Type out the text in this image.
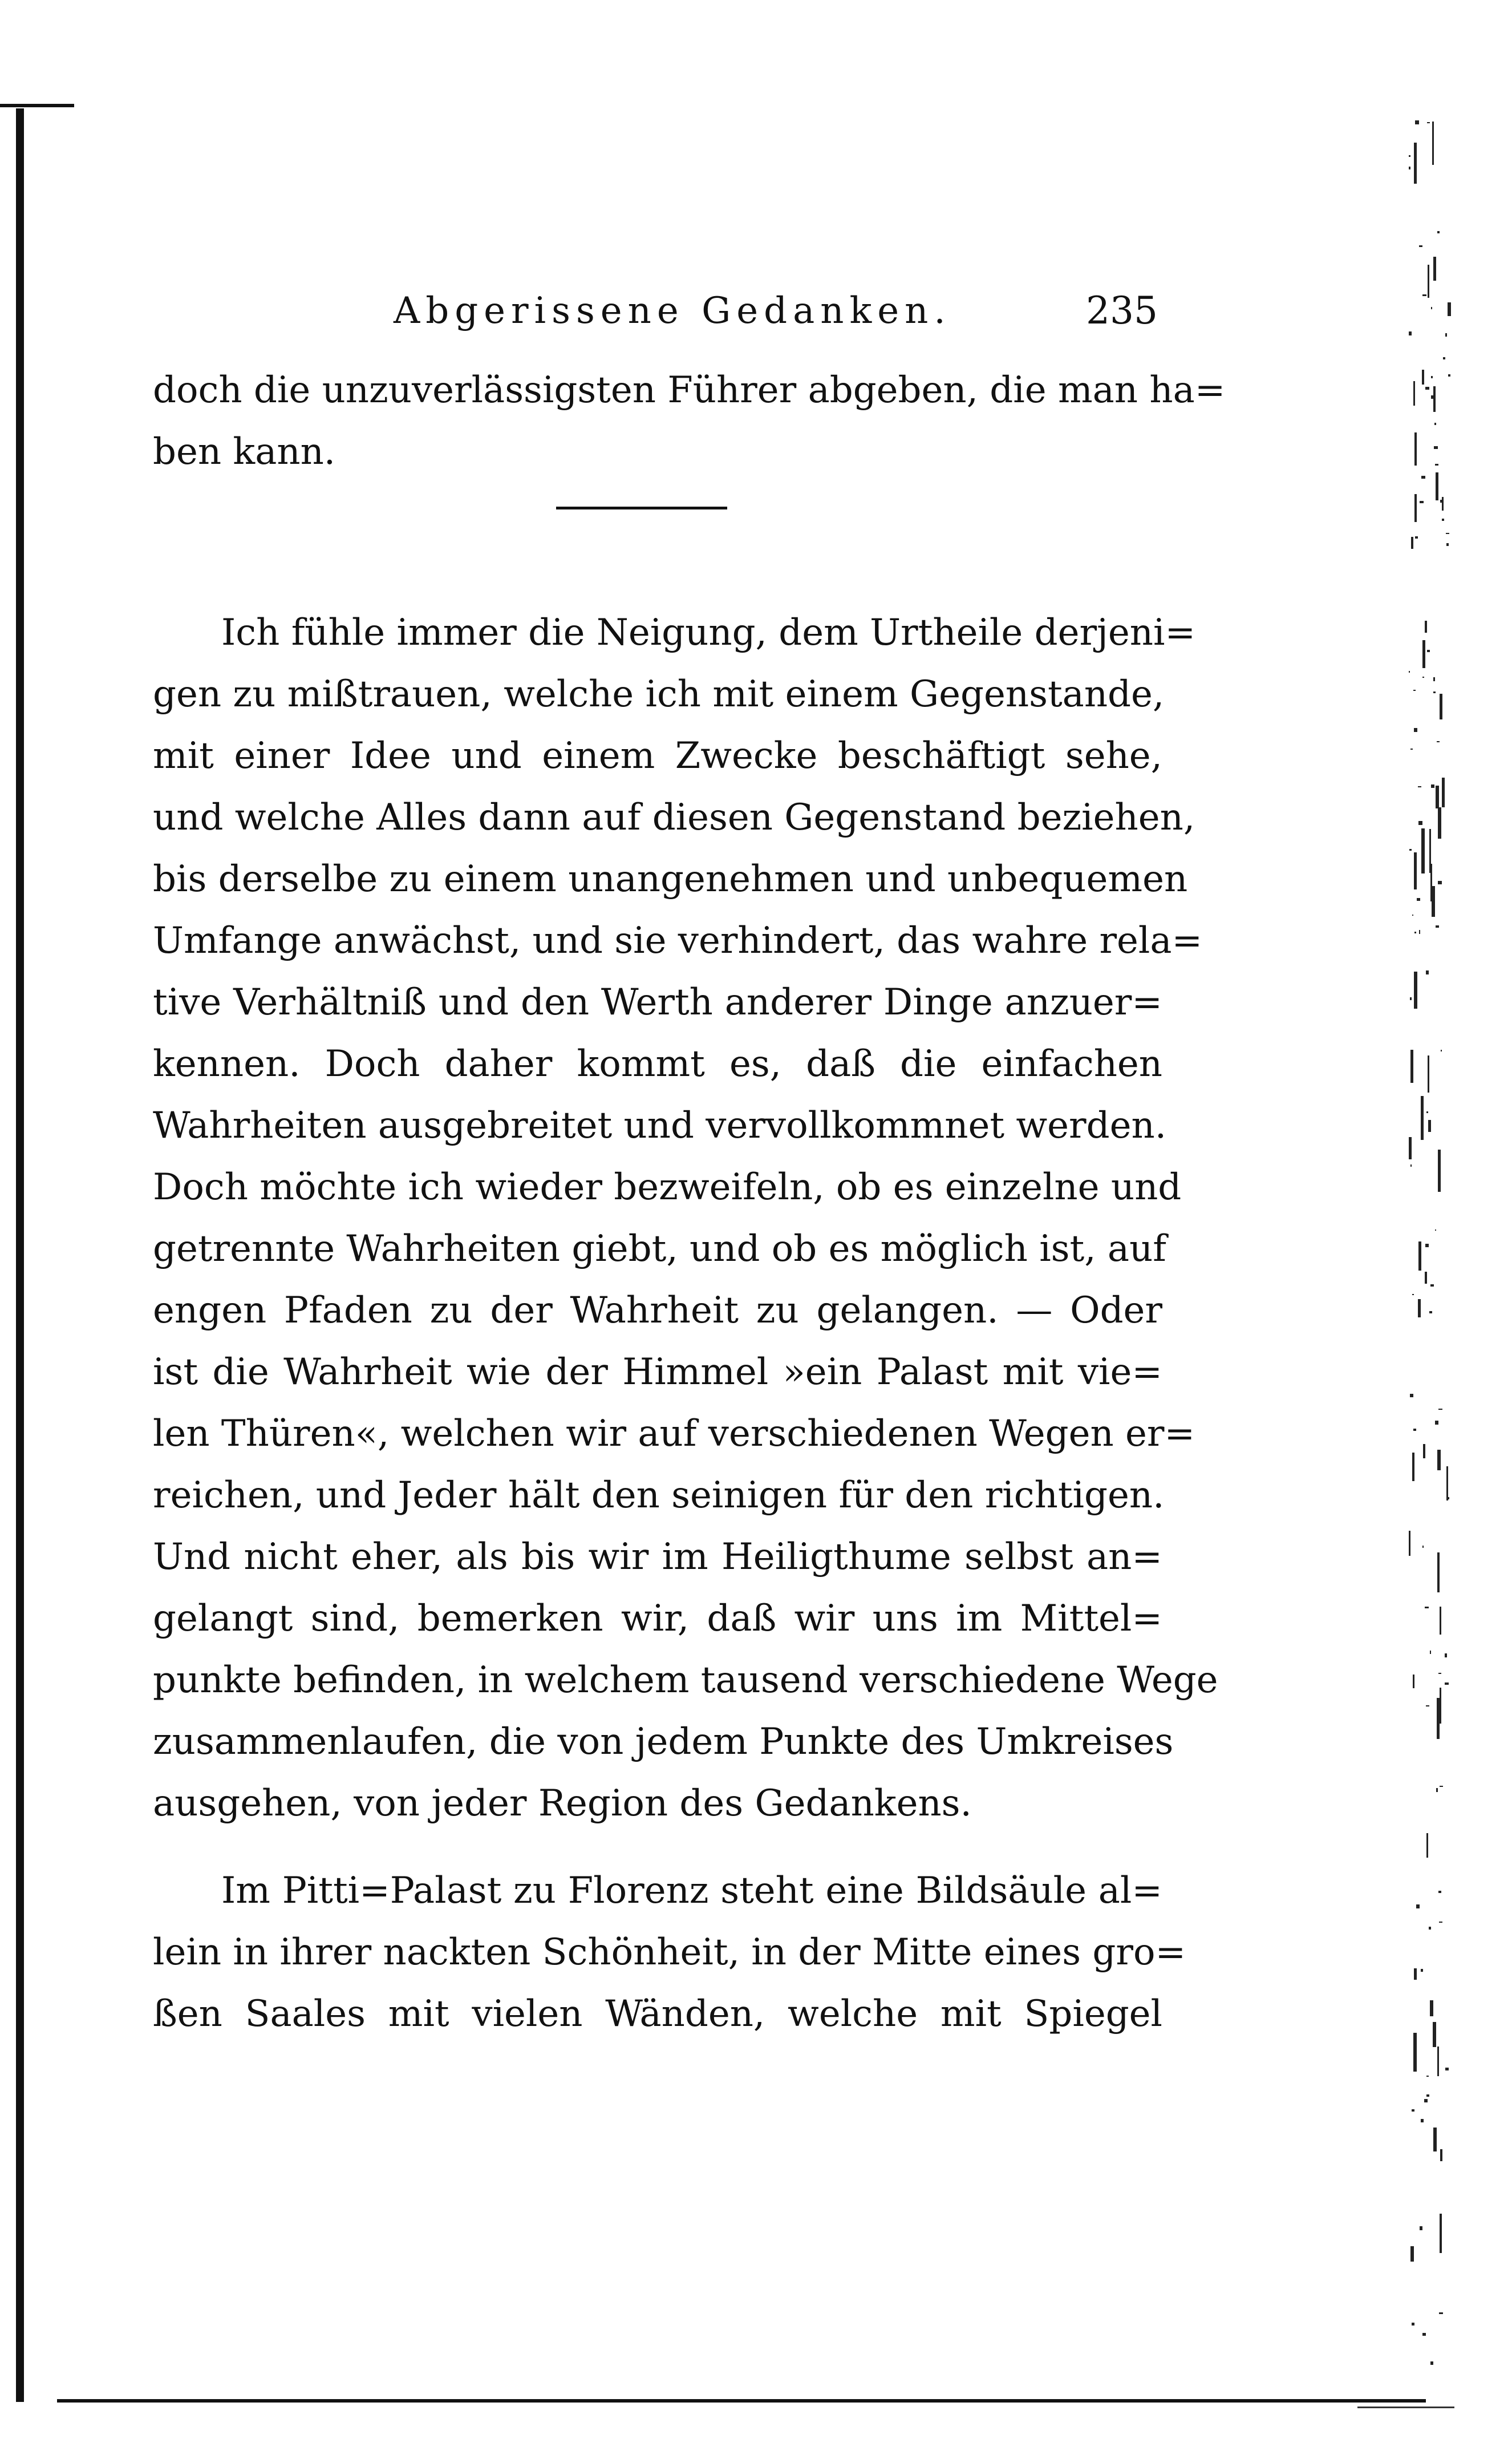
Abgerissene Gedanken.	235
doch die unzuverlässigsten Führer abgeben, die man ha=
ben kann.
Ich fühle immer die Neigung, dem Urtheile derjeni=
gen zu mißtrauen, welche ich mit einem Gegenstande,
mit einer Idee und einem Zwecke beschäftigt sehe,
und welche Alles dann auf diesen Gegenstand beziehen,
bis derselbe zu einem unangenehmen und unbequemen
Umfange anwächst, und sie verhindert, das wahre rela=
tive Verhältniß und den Werth anderer Dinge anzuer=
kennen. Doch daher kommt es, daß die einfachen
Wahrheiten ausgebreitet und vervollkommnet werden.
Doch möchte ich wieder bezweifeln, ob es einzelne und
getrennte Wahrheiten giebt, und ob es möglich ist, auf
engen Pfaden zu der Wahrheit zu gelangen. — Oder
ist die Wahrheit wie der Himmel »ein Palast mit vie=
len Thüren«, welchen wir auf verschiedenen Wegen er=
reichen, und Jeder hält den seinigen für den richtigen.
Und nicht eher, als bis wir im Heiligthume selbst an=
gelangt sind, bemerken wir, daß wir uns im Mittel=
punkte befinden, in welchem tausend verschiedene Wege
zusammenlaufen, die von jedem Punkte des Umkreises
ausgehen, von jeder Region des Gedankens.
Im Pitti=Palast zu Florenz steht eine Bildsäule al=
lein in ihrer nackten Schönheit, in der Mitte eines gro=
ßen Saales mit vielen Wänden, welche mit Spiegel
